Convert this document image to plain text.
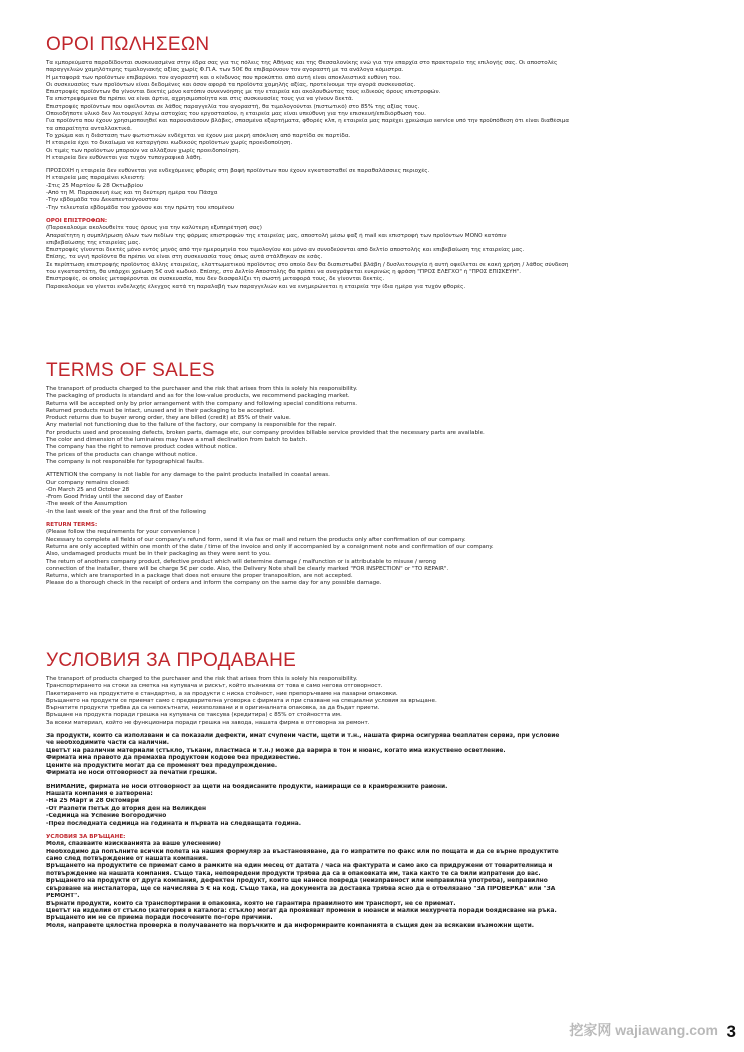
ΟΡΟΙ ΠΩΛΗΣΕΩΝ
Τα εμπορεύματα παραδίδονται συσκευασμένα στην έδρα σας για τις πόλεις της Αθήνας και της Θεσσαλονίκης ενώ για την επαρχία στο πρακτορείο της επιλογής σας. Οι αποστολές
παραγγελιών χαμηλότερης τιμολογιακής αξίας χωρίς Φ.Π.Α. των 50€ θα επιβαρύνουν τον αγοραστή με τα ανάλογα κόμιστρα.
Η μεταφορά των προϊόντων επιβαρύνει τον αγοραστή και ο κίνδυνος που προκύπτει από αυτή είναι αποκλειστικά ευθύνη του.
Οι συσκευασίες των προϊόντων είναι δεδομένες και όσον αφορά τα προϊόντα χαμηλής αξίας, προτείνουμε την αγορά συσκευασίας.
Επιστροφές προϊόντων θα γίνονται δεκτές μόνο κατόπιν συνεννόησης με την εταιρεία και ακολουθώντας τους ειδικούς όρους επιστροφών.
Τα επιστρεφόμενα θα πρέπει να είναι άρτια, αχρησιμοποίητα και στις συσκευασίες τους για να γίνουν δεκτά.
Επιστροφές προϊόντων που οφείλονται σε λάθος παραγγελία του αγοραστή, θα τιμολογούνται (πιστωτικό) στο 85% της αξίας τους.
Οποιοδήποτε υλικό δεν λειτουργεί λόγω αστοχίας του εργοστασίου, η εταιρεία μας είναι υπεύθυνη για την επισκευή/επιδιόρθωσή του.
Για προϊόντα που έχουν χρησιμοποιηθεί και παρουσιάσουν βλάβες, σπασμένα εξαρτήματα, φθορές κλπ, η εταιρεία μας παρέχει χρεώσιμο service υπό την προϋπόθεση ότι είναι διαθέσιμα
τα απαραίτητα ανταλλακτικά.
Το χρώμα και η διάσταση των φωτιστικών ενδέχεται να έχουν μια μικρή απόκλιση από παρτίδα σε παρτίδα.
Η εταιρεία έχει το δικαίωμα να καταργήσει κωδικούς προϊόντων χωρίς προειδοποίηση.
Οι τιμές των προϊόντων μπορούν να αλλάξουν χωρίς προειδοποίηση.
Η εταιρεία δεν ευθύνεται για τυχόν τυπογραφικά λάθη.
ΠΡΟΣΟΧΗ η εταιρεία δεν ευθύνεται για ενδεχόμενες φθορές στη βαφή προϊόντων που έχουν εγκατασταθεί σε παραθαλάσσιες περιοχές.
Η εταιρεία μας παραμένει κλειστή:
-Στις 25 Μαρτίου & 28 Οκτωβρίου
-Από τη Μ. Παρασκευή έως και τη δεύτερη ημέρα του Πάσχα
-Την εβδομάδα του Δεκαπενταύγουστου
-Την τελευταία εβδομάδα του χρόνου και την πρώτη του επομένου
ΟΡΟΙ ΕΠΙΣΤΡΟΦΩΝ:
(Παρακαλούμε ακολουθείτε τους όρους για την καλύτερη εξυπηρέτησή σας)
Απαραίτητη η συμπλήρωση όλων των πεδίων της φόρμας επιστροφών της εταιρείας μας, αποστολή μέσω φαξ ή mail και επιστροφή των προϊόντων ΜΟΝΟ κατόπιν
επιβεβαίωσης της εταιρείας μας.
Επιστροφές γίνονται δεκτές μόνο εντός μηνός από την ημερομηνία του τιμολογίου και μόνο αν συνοδεύονται από δελτίο αποστολής και επιβεβαίωση της εταιρείας μας.
Επίσης, τα υγιή προϊόντα θα πρέπει να είναι στη συσκευασία τους όπως αυτά στάλθηκαν σε εσάς.
Σε περίπτωση επιστροφής προϊόντος άλλης εταιρείας, ελαττωματικού προϊόντος στο οποίο δεν θα διαπιστωθεί βλάβη / δυσλειτουργία ή αυτή οφείλεται σε κακή χρήση / λάθος σύνδεση
του εγκαταστάτη, θα υπάρχει χρέωση 5€ ανά κωδικό. Επίσης, στο Δελτίο Αποστολής θα πρέπει να αναγράφεται ευκρινώς η φράση "ΠΡΟΣ ΕΛΕΓΧΟ" ή "ΠΡΟΣ ΕΠΙΣΚΕΥΗ".
Επιστροφές, οι οποίες μεταφέρονται σε συσκευασία, που δεν διασφαλίζει τη σωστή μεταφορά τους, δε γίνονται δεκτές.
Παρακαλούμε να γίνεται ενδελεχής έλεγχος κατά τη παραλαβή των παραγγελιών και να ενημερώνεται η εταιρεία την ίδια ημέρα για τυχόν φθορές.
TERMS OF SALES
The transport of products charged to the purchaser and the risk that arises from this is solely his responsibility.
The packaging of products is standard and as for the low-value products, we recommend packaging market.
Returns will be accepted only by prior arrangement with the company and following special conditions returns.
Returned products must be intact, unused and in their packaging to be accepted.
Product returns due to buyer wrong order, they are billed (credit) at 85% of their value.
Any material not functioning due to the failure of the factory, our company is responsible for the repair.
For products used and processing defects, broken parts, damage etc, our company provides billable service provided that the necessary parts are available.
The color and dimension of the luminaires may have a small declination from batch to batch.
The company has the right to remove product codes without notice.
The prices of the products can change without notice.
The company is not responsible for typographical faults.
ATTENTION the company is not liable for any damage to the paint products installed in coastal areas.
Our company remains closed:
-On March 25 and October 28
-From Good Friday until the second day of Easter
-The week of the Assumption
-In the last week of the year and the first of the following
RETURN TERMS:
(Please follow the requirements for your convenience )
Necessary to complete all fields of our company's refund form, send it via fax or mail and return the products only after confirmation of our company.
Returns are only accepted within one month of the date / time of the invoice and only if accompanied by a consignment note and confirmation of our company.
Also, undamaged products must be in their packaging as they were sent to you.
The return of anothers company product, defective product which will determine damage / malfunction or is attributable to misuse / wrong
connection of the installer, there will be charge 5€ per code. Also, the Delivery Note shall be clearly marked "FOR INSPECTION" or "TO REPAIR".
Returns, which are transported in a package that does not ensure the proper transposition, are not accepted.
Please do a thorough check in the receipt of orders and inform the company on the same day for any possible damage.
УСЛОВИЯ ЗА ПРОДАВАНЕ
The transport of products charged to the purchaser and the risk that arises from this is solely his responsibility.
Транспортирането на стоки за сметка на купувача и рискът, който възниква от това е само негова отговорност.
Пакетирането на продуктите е стандартно, а за продукти с ниска стойност, ние препоръчваме на пазарни опаковки.
Връщането на продукти се приемат само с предварителна уговорка с фирмата и при спазване на специални условия за връщане.
Върнатите продукти трябва да са непокътнати, неизползвани и в оригиналната опаковка, за да бъдат приети.
Връщане на продукта поради грешка на купувача се таксува (кредитира) с 85% от стойността им.
За всеки материал, който не функционира поради грешка на завода, нашата фирма е отговорна за ремонт.
За продукти, които са използвани и са показали дефекти, имат счупени части, щети и т.н., нашата фирма осигурява безплатен сервиз, при условие
че необходимите части са налични.
Цветът на различни материали (стъкло, тъкани, пластмаса и т.н.) може да варира в тон и нюанс, когато има изкуствено осветление.
Фирмата има правото да премахва продуктови кодове без предизвестие.
Цените на продуктите могат да се променят без предупреждение.
Фирмата не носи отговорност за печатни грешки.
ВНИМАНИЕ, фирмата не носи отговорност за щети на боядисаните продукти, намиращи се в крайбрежните райони.
Нашата компания е затворена:
-На 25 Март и 28 Октомври
-От Разпети Петък до втория ден на Великден
-Седмица на Успение Богородично
-През последната седмица на годината и първата на следващата година.
УСЛОВИЯ ЗА ВРЪЩАНЕ:
Моля, спазвайте изискванията за ваше улеснение)
Необходимо да попълните всички полета на нашия формуляр за възстановяване, да го изпратите по факс или по пощата и да се върне продуктите
само след потвърждение от нашата компания.
Връщането на продуктите се приемат само в рамките на един месец от датата / часа на фактурата и само ако са придружени от товарителница и
потвърждение на нашата компания. Също така, неповредени продукти трябва да са в опаковката им, така както те са били изпратени до вас.
Връщането на продукти от друга компания, дефектен продукт, който ще нанесе повреда (неизправност или неправилна употреба), неправилно
свързване на инсталатора, ще се начислява 5 € на код. Също така, на документа за доставка трябва ясно да е отбелязано "ЗА ПРОВЕРКА" или "ЗА
РЕМОНТ".
Върнати продукти, които са транспортирани в опаковка, която не гарантира правилното им транспорт, не се приемат.
Цветът на изделия от стъкло (категория в каталога: стъкло) могат да проявяват промени в нюанси и малки мехурчета поради боядисване на ръка.
Връщането им не се приема поради посочените по-горе причини.
Моля, направете цялостна проверка в получаването на поръчките и да информирайте компанията в същия ден за всякакви възможни щети.
挖家网 wajiawang.com 3
